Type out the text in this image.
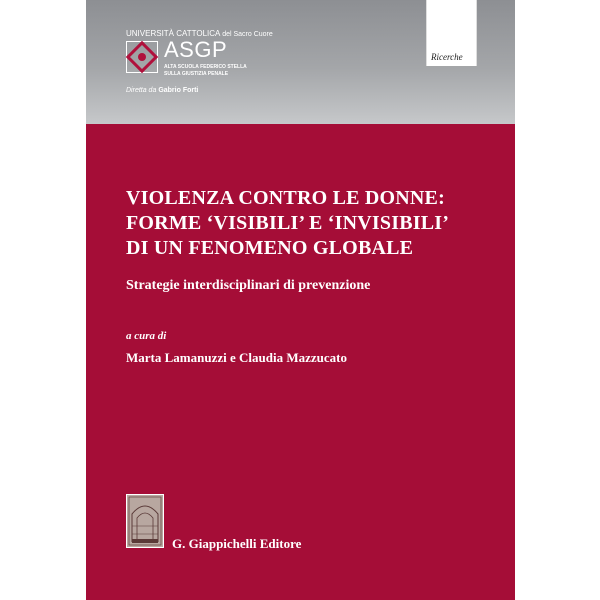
UNIVERSITÀ CATTOLICA del Sacro Cuore
ASGP
ALTA SCUOLA FEDERICO STELLA
SULLA GIUSTIZIA PENALE
Diretta da Gabrio Forti
Ricerche
VIOLENZA CONTRO LE DONNE:
FORME ‘VISIBILI’ E ‘INVISIBILI’
DI UN FENOMENO GLOBALE
Strategie interdisciplinari di prevenzione
a cura di
Marta Lamanuzzi e Claudia Mazzucato
G. Giappichelli Editore
